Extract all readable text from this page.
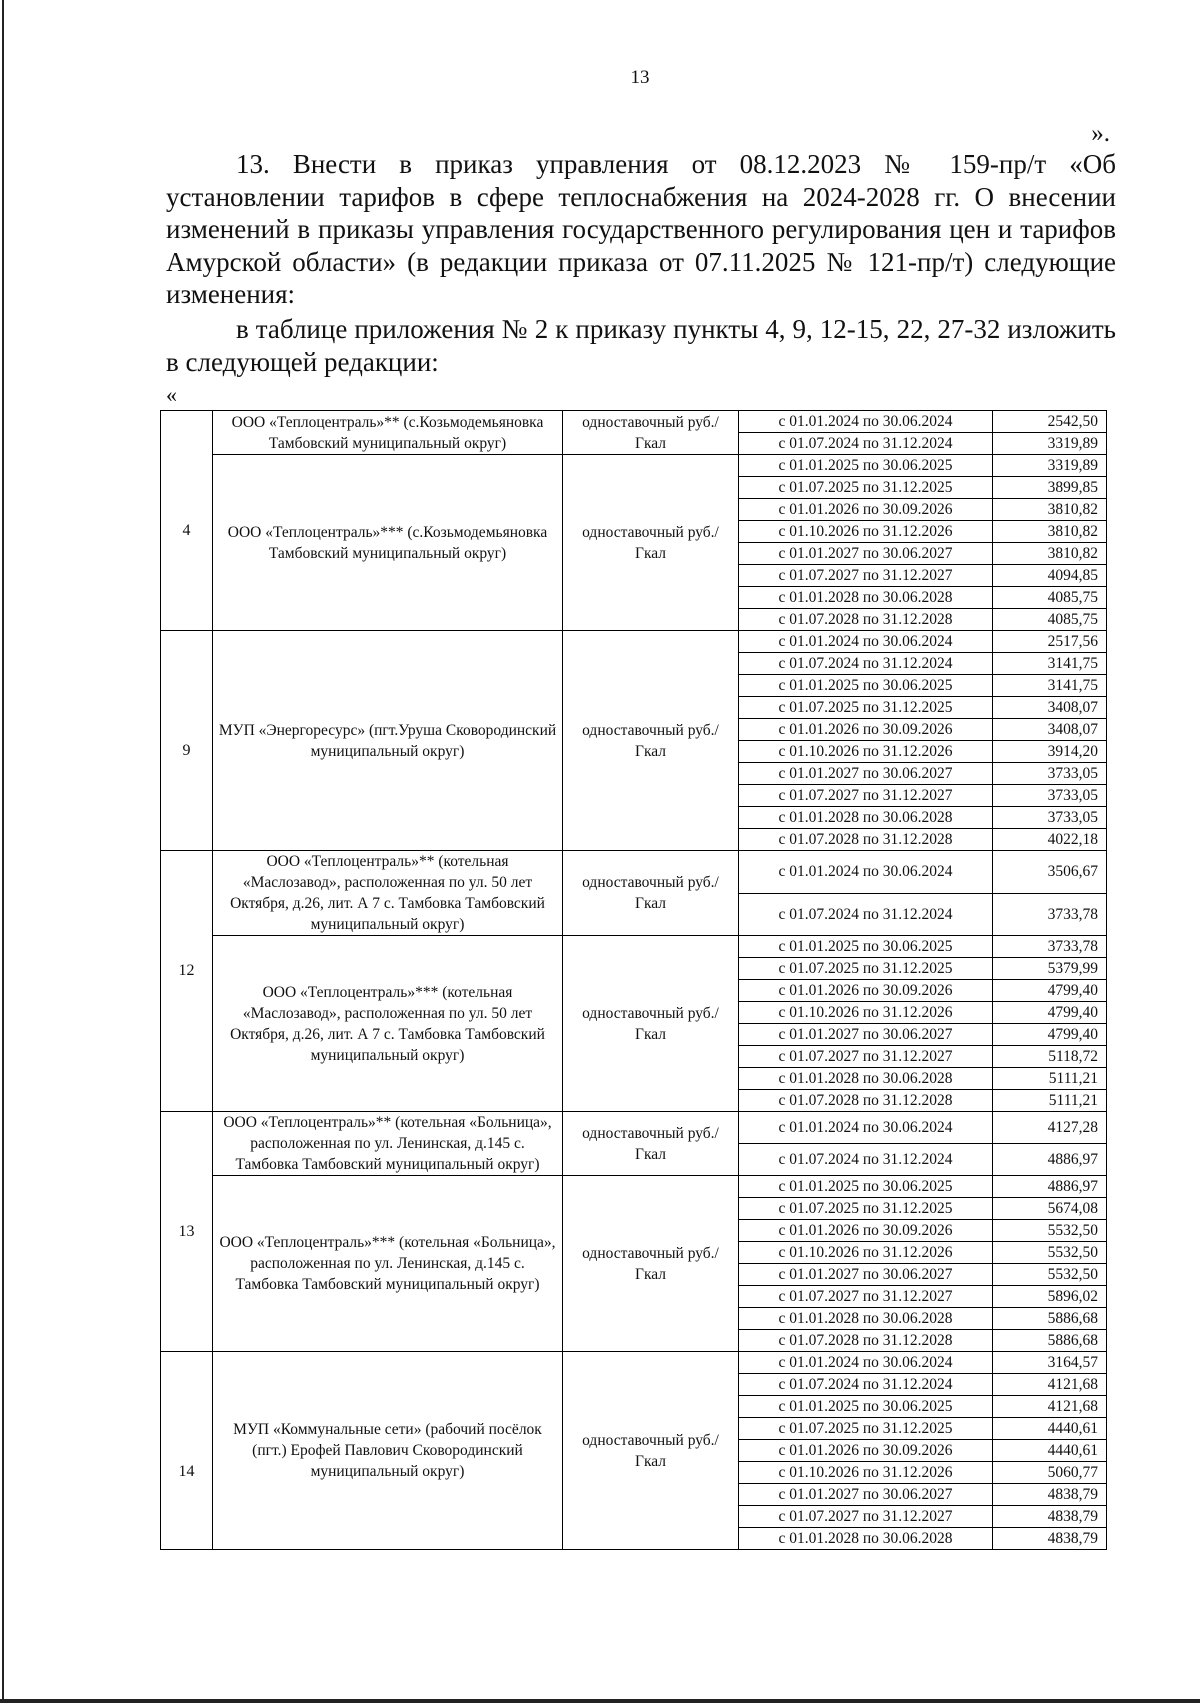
13
».
13. Внести в приказ управления от 08.12.2023 № 159-пр/т «Об установлении тарифов в сфере теплоснабжения на 2024-2028 гг. О внесении изменений в приказы управления государственного регулирования цен и тарифов Амурской области» (в редакции приказа от 07.11.2025 № 121-пр/т) следующие изменения:
в таблице приложения № 2 к приказу пункты 4, 9, 12-15, 22, 27-32 изложить в следующей редакции:
«
4	ООО «Теплоцентраль»** (с.Козьмодемьяновка Тамбовский муниципальный округ)	одноставочный руб./Гкал	с 01.01.2024 по 30.06.2024	2542,50
			с 01.07.2024 по 31.12.2024	3319,89
	ООО «Теплоцентраль»*** (с.Козьмодемьяновка Тамбовский муниципальный округ)	одноставочный руб./Гкал	с 01.01.2025 по 30.06.2025	3319,89
			с 01.07.2025 по 31.12.2025	3899,85
			с 01.01.2026 по 30.09.2026	3810,82
			с 01.10.2026 по 31.12.2026	3810,82
			с 01.01.2027 по 30.06.2027	3810,82
			с 01.07.2027 по 31.12.2027	4094,85
			с 01.01.2028 по 30.06.2028	4085,75
			с 01.07.2028 по 31.12.2028	4085,75
9	МУП «Энергоресурс» (пгт.Уруша Сковородинский муниципальный округ)	одноставочный руб./Гкал	с 01.01.2024 по 30.06.2024	2517,56
			с 01.07.2024 по 31.12.2024	3141,75
			с 01.01.2025 по 30.06.2025	3141,75
			с 01.07.2025 по 31.12.2025	3408,07
			с 01.01.2026 по 30.09.2026	3408,07
			с 01.10.2026 по 31.12.2026	3914,20
			с 01.01.2027 по 30.06.2027	3733,05
			с 01.07.2027 по 31.12.2027	3733,05
			с 01.01.2028 по 30.06.2028	3733,05
			с 01.07.2028 по 31.12.2028	4022,18
12	ООО «Теплоцентраль»** (котельная «Маслозавод», расположенная по ул. 50 лет Октября, д.26, лит. А 7 с. Тамбовка Тамбовский муниципальный округ)	одноставочный руб./Гкал	с 01.01.2024 по 30.06.2024	3506,67
			с 01.07.2024 по 31.12.2024	3733,78
	ООО «Теплоцентраль»*** (котельная «Маслозавод», расположенная по ул. 50 лет Октября, д.26, лит. А 7 с. Тамбовка Тамбовский муниципальный округ)	одноставочный руб./Гкал	с 01.01.2025 по 30.06.2025	3733,78
			с 01.07.2025 по 31.12.2025	5379,99
			с 01.01.2026 по 30.09.2026	4799,40
			с 01.10.2026 по 31.12.2026	4799,40
			с 01.01.2027 по 30.06.2027	4799,40
			с 01.07.2027 по 31.12.2027	5118,72
			с 01.01.2028 по 30.06.2028	5111,21
			с 01.07.2028 по 31.12.2028	5111,21
13	ООО «Теплоцентраль»** (котельная «Больница», расположенная по ул. Ленинская, д.145 с. Тамбовка Тамбовский муниципальный округ)	одноставочный руб./Гкал	с 01.01.2024 по 30.06.2024	4127,28
			с 01.07.2024 по 31.12.2024	4886,97
	ООО «Теплоцентраль»*** (котельная «Больница», расположенная по ул. Ленинская, д.145 с. Тамбовка Тамбовский муниципальный округ)	одноставочный руб./Гкал	с 01.01.2025 по 30.06.2025	4886,97
			с 01.07.2025 по 31.12.2025	5674,08
			с 01.01.2026 по 30.09.2026	5532,50
			с 01.10.2026 по 31.12.2026	5532,50
			с 01.01.2027 по 30.06.2027	5532,50
			с 01.07.2027 по 31.12.2027	5896,02
			с 01.01.2028 по 30.06.2028	5886,68
			с 01.07.2028 по 31.12.2028	5886,68
14	МУП «Коммунальные сети» (рабочий посёлок (пгт.) Ерофей Павлович Сковородинский муниципальный округ)	одноставочный руб./Гкал	с 01.01.2024 по 30.06.2024	3164,57
			с 01.07.2024 по 31.12.2024	4121,68
			с 01.01.2025 по 30.06.2025	4121,68
			с 01.07.2025 по 31.12.2025	4440,61
			с 01.01.2026 по 30.09.2026	4440,61
			с 01.10.2026 по 31.12.2026	5060,77
			с 01.01.2027 по 30.06.2027	4838,79
			с 01.07.2027 по 31.12.2027	4838,79
			с 01.01.2028 по 30.06.2028	4838,79
